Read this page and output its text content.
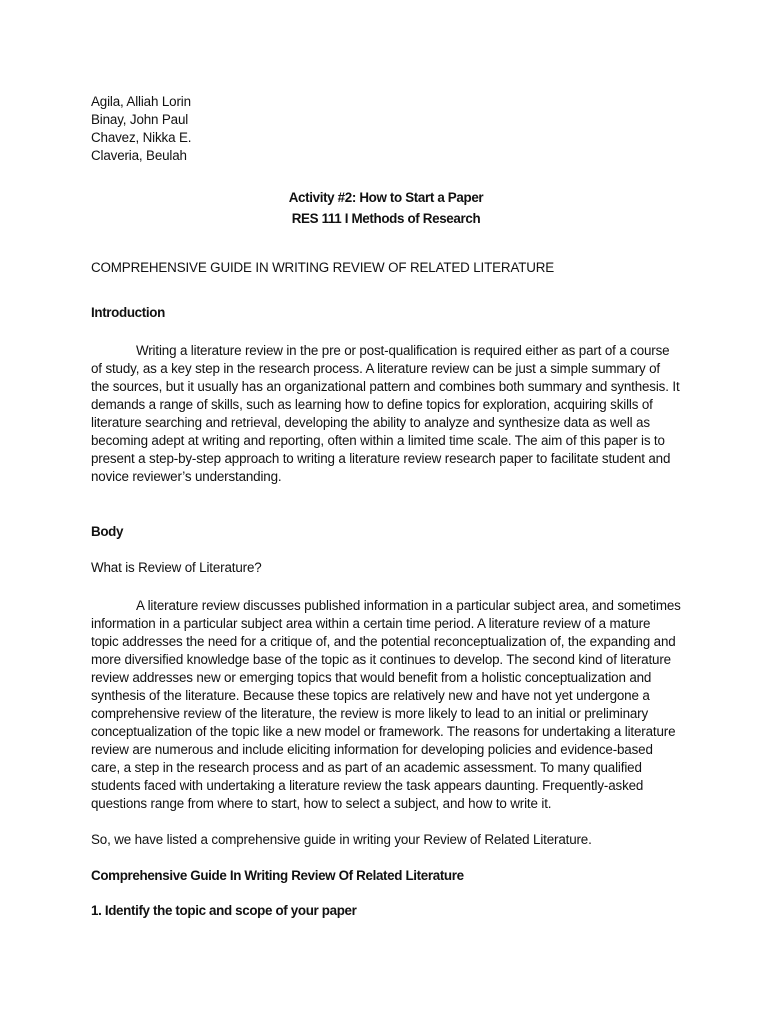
Agila, Alliah Lorin
Binay, John Paul
Chavez, Nikka E.
Claveria, Beulah
Activity #2: How to Start a Paper
RES 111 I Methods of Research
COMPREHENSIVE GUIDE IN WRITING REVIEW OF RELATED LITERATURE
Introduction

Writing a literature review in the pre or post-qualification is required either as part of a course of study, as a key step in the research process. A literature review can be just a simple summary of the sources, but it usually has an organizational pattern and combines both summary and synthesis. It demands a range of skills, such as learning how to define topics for exploration, acquiring skills of literature searching and retrieval, developing the ability to analyze and synthesize data as well as becoming adept at writing and reporting, often within a limited time scale. The aim of this paper is to present a step-by-step approach to writing a literature review research paper to facilitate student and novice reviewer’s understanding.

Body
What is Review of Literature?

A literature review discusses published information in a particular subject area, and sometimes information in a particular subject area within a certain time period. A literature review of a mature topic addresses the need for a critique of, and the potential reconceptualization of, the expanding and more diversified knowledge base of the topic as it continues to develop. The second kind of literature review addresses new or emerging topics that would benefit from a holistic conceptualization and synthesis of the literature. Because these topics are relatively new and have not yet undergone a comprehensive review of the literature, the review is more likely to lead to an initial or preliminary conceptualization of the topic like a new model or framework. The reasons for undertaking a literature review are numerous and include eliciting information for developing policies and evidence-based care, a step in the research process and as part of an academic assessment. To many qualified students faced with undertaking a literature review the task appears daunting. Frequently-asked questions range from where to start, how to select a subject, and how to write it.

So, we have listed a comprehensive guide in writing your Review of Related Literature.

Comprehensive Guide In Writing Review Of Related Literature
1. Identify the topic and scope of your paper
